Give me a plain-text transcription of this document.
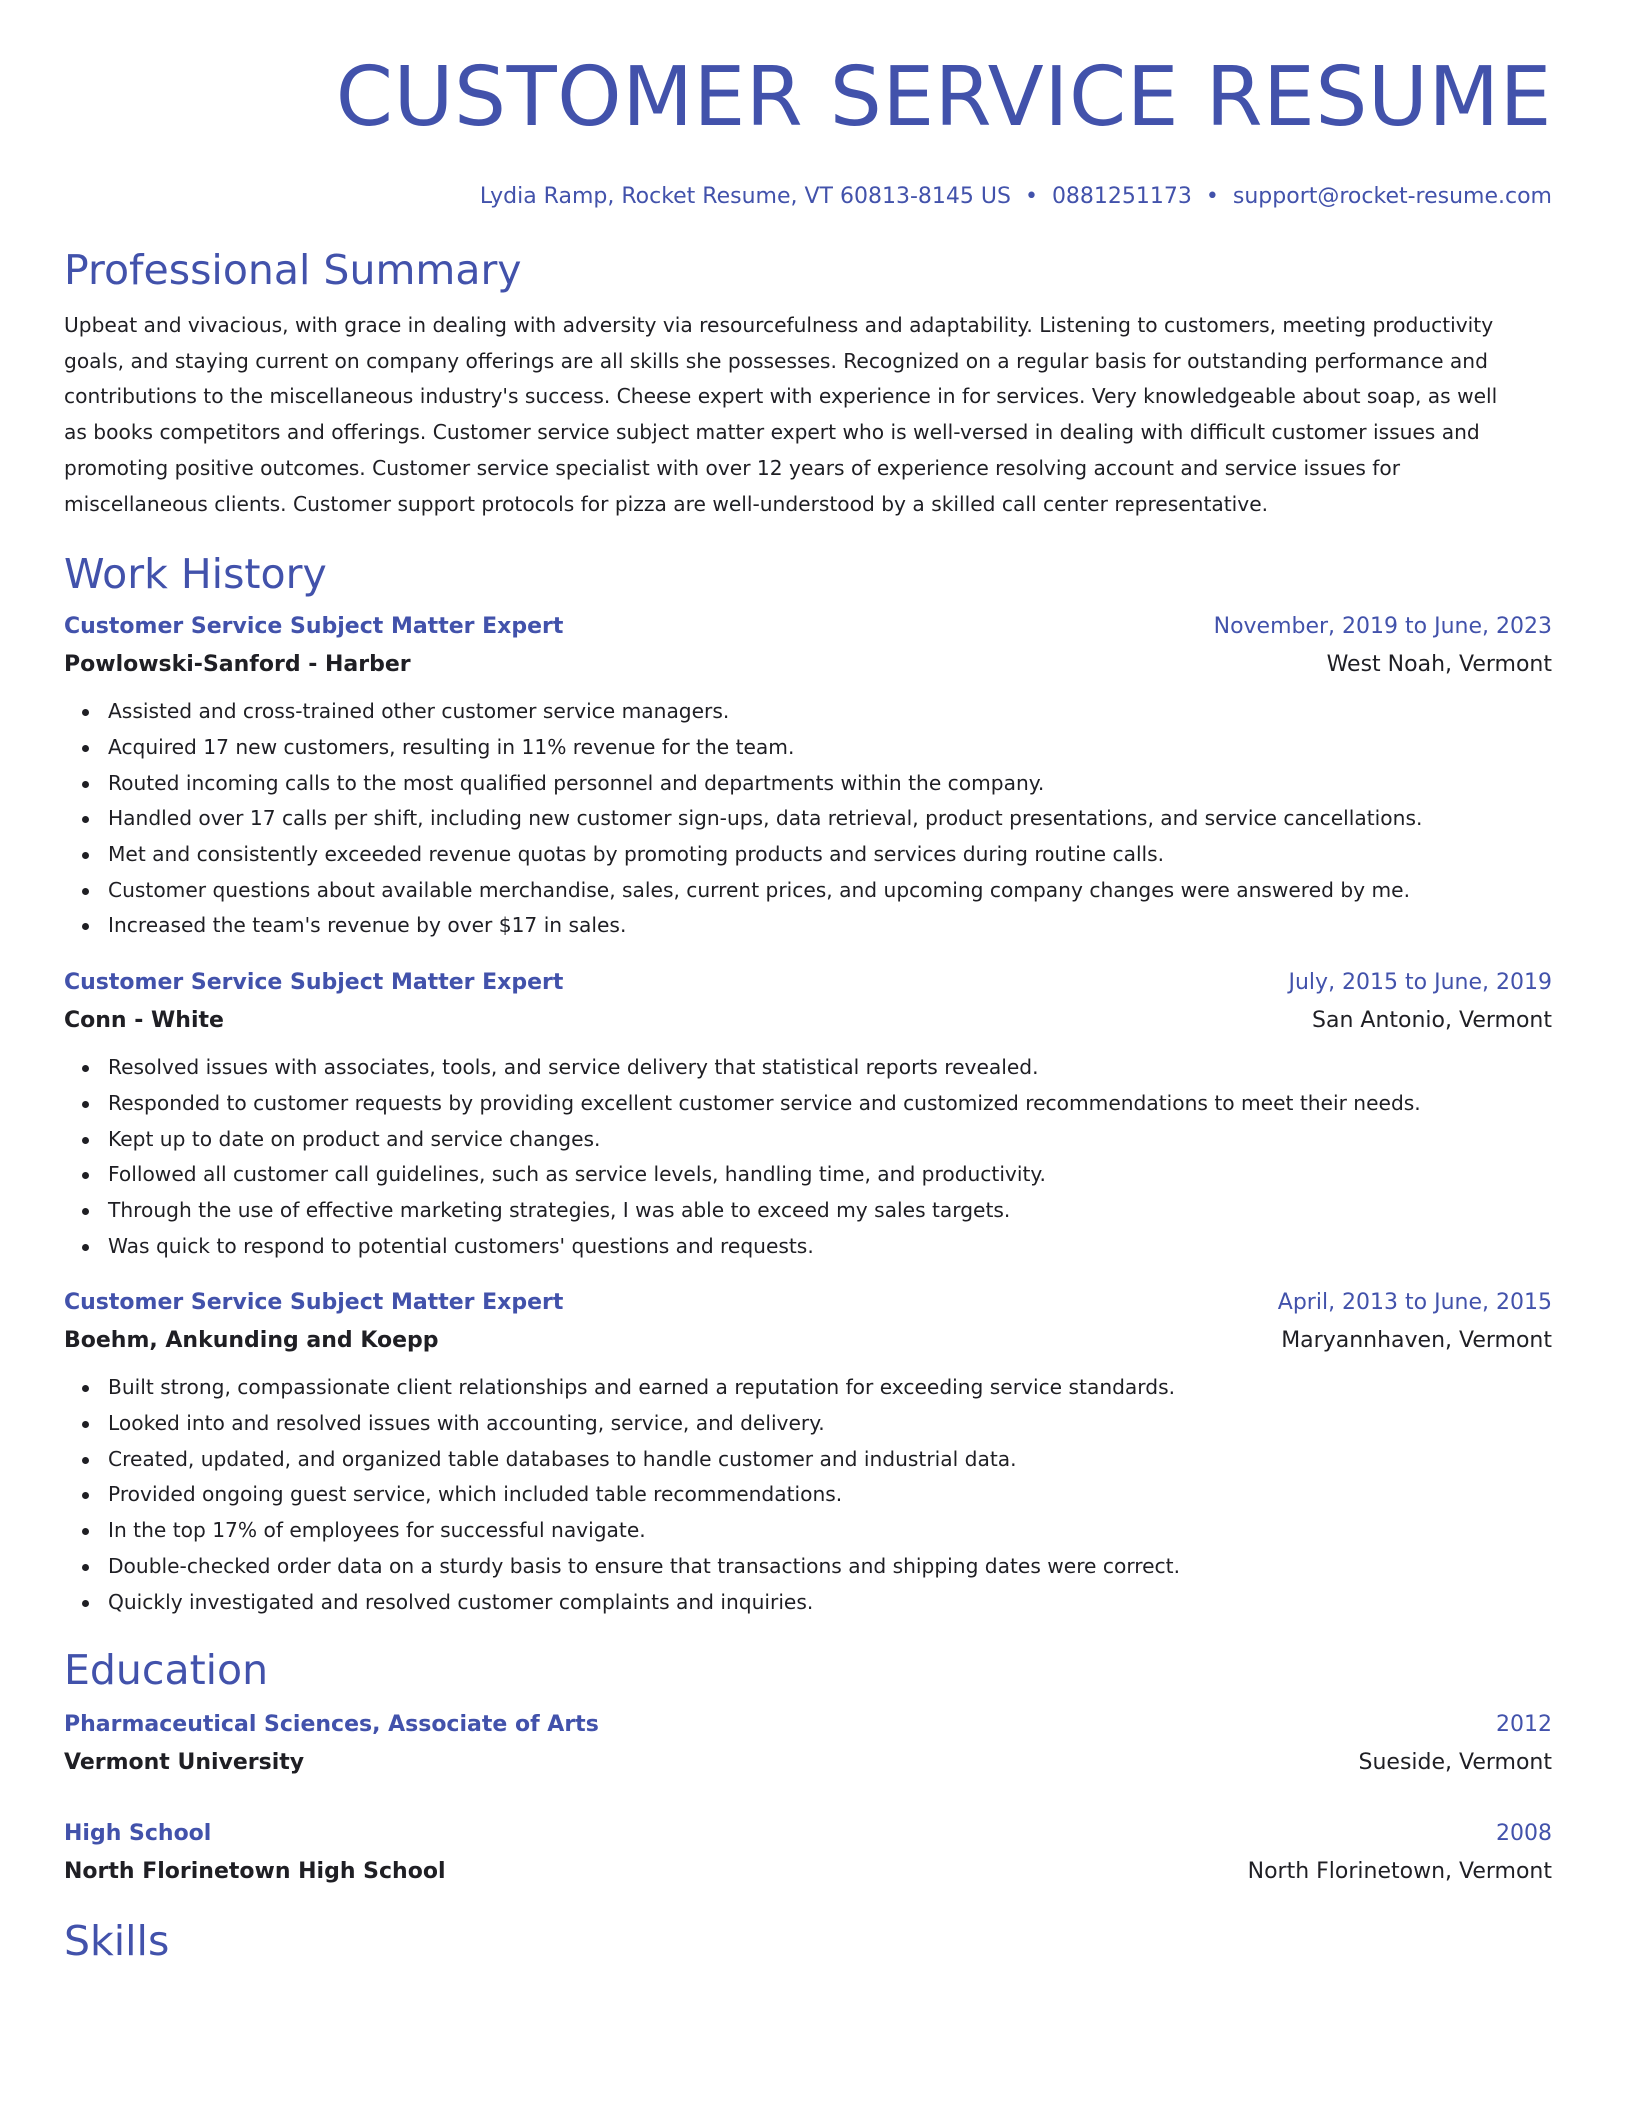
CUSTOMER SERVICE RESUME
Lydia Ramp, Rocket Resume, VT 60813-8145 US • 0881251173 • support@rocket-resume.com
Professional Summary
Upbeat and vivacious, with grace in dealing with adversity via resourcefulness and adaptability. Listening to customers, meeting productivity
goals, and staying current on company offerings are all skills she possesses. Recognized on a regular basis for outstanding performance and
contributions to the miscellaneous industry's success. Cheese expert with experience in for services. Very knowledgeable about soap, as well
as books competitors and offerings. Customer service subject matter expert who is well-versed in dealing with difficult customer issues and
promoting positive outcomes. Customer service specialist with over 12 years of experience resolving account and service issues for
miscellaneous clients. Customer support protocols for pizza are well-understood by a skilled call center representative.
Work History
Customer Service Subject Matter Expert	November, 2019 to June, 2023
Powlowski-Sanford - Harber	West Noah, Vermont
Assisted and cross-trained other customer service managers.
Acquired 17 new customers, resulting in 11% revenue for the team.
Routed incoming calls to the most qualified personnel and departments within the company.
Handled over 17 calls per shift, including new customer sign-ups, data retrieval, product presentations, and service cancellations.
Met and consistently exceeded revenue quotas by promoting products and services during routine calls.
Customer questions about available merchandise, sales, current prices, and upcoming company changes were answered by me.
Increased the team's revenue by over $17 in sales.
Customer Service Subject Matter Expert	July, 2015 to June, 2019
Conn - White	San Antonio, Vermont
Resolved issues with associates, tools, and service delivery that statistical reports revealed.
Responded to customer requests by providing excellent customer service and customized recommendations to meet their needs.
Kept up to date on product and service changes.
Followed all customer call guidelines, such as service levels, handling time, and productivity.
Through the use of effective marketing strategies, I was able to exceed my sales targets.
Was quick to respond to potential customers' questions and requests.
Customer Service Subject Matter Expert	April, 2013 to June, 2015
Boehm, Ankunding and Koepp	Maryannhaven, Vermont
Built strong, compassionate client relationships and earned a reputation for exceeding service standards.
Looked into and resolved issues with accounting, service, and delivery.
Created, updated, and organized table databases to handle customer and industrial data.
Provided ongoing guest service, which included table recommendations.
In the top 17% of employees for successful navigate.
Double-checked order data on a sturdy basis to ensure that transactions and shipping dates were correct.
Quickly investigated and resolved customer complaints and inquiries.
Education
Pharmaceutical Sciences, Associate of Arts	2012
Vermont University	Sueside, Vermont
High School	2008
North Florinetown High School	North Florinetown, Vermont
Skills
